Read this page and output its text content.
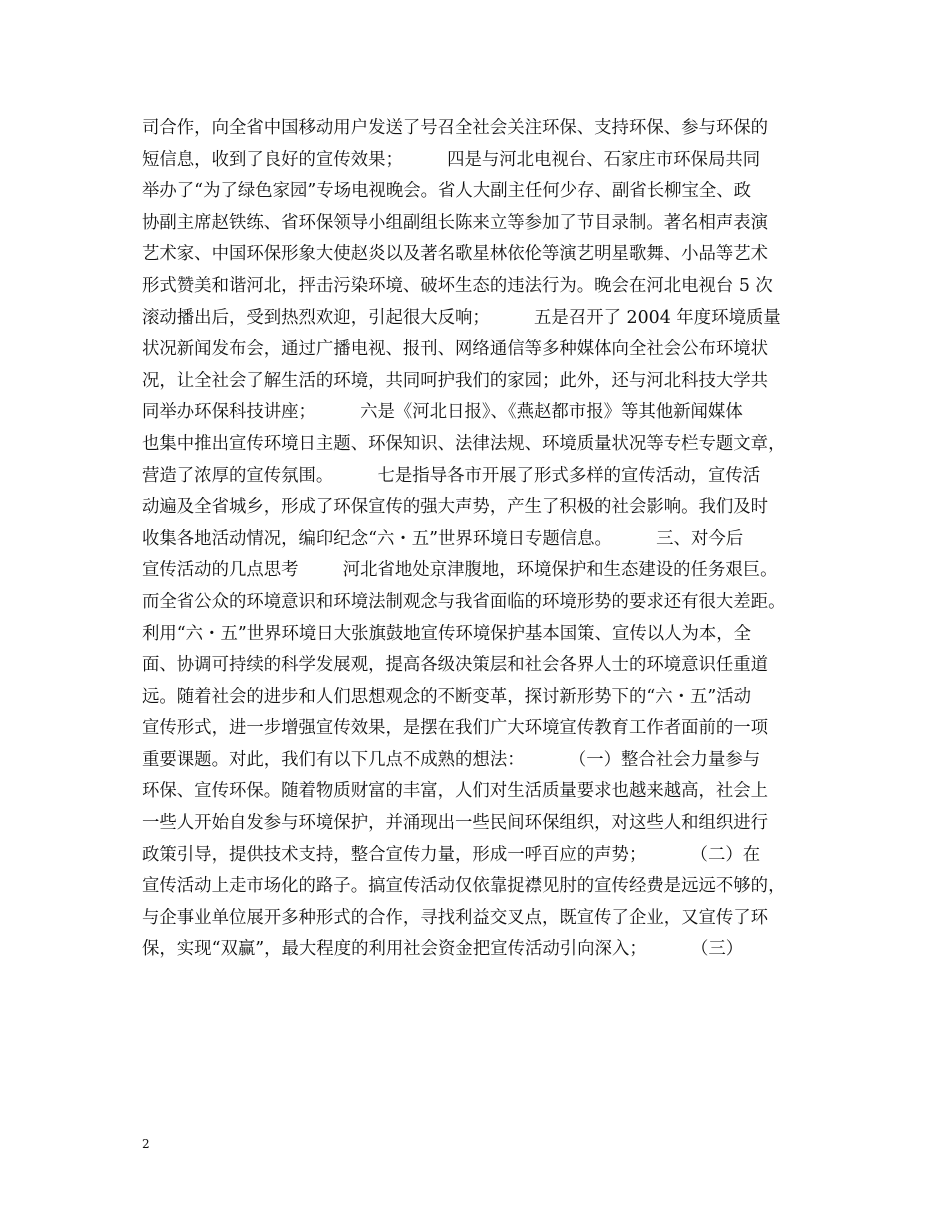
司合作，向全省中国移动用户发送了号召全社会关注环保、支持环保、参与环保的
短信息，收到了良好的宣传效果；        四是与河北电视台、石家庄市环保局共同
举办了“为了绿色家园”专场电视晚会。省人大副主任何少存、副省长柳宝全、政
协副主席赵铁练、省环保领导小组副组长陈来立等参加了节目录制。著名相声表演
艺术家、中国环保形象大使赵炎以及著名歌星林依伦等演艺明星歌舞、小品等艺术
形式赞美和谐河北，抨击污染环境、破坏生态的违法行为。晚会在河北电视台 5 次
滚动播出后，受到热烈欢迎，引起很大反响；        五是召开了 2004 年度环境质量
状况新闻发布会，通过广播电视、报刊、网络通信等多种媒体向全社会公布环境状
况，让全社会了解生活的环境，共同呵护我们的家园；此外，还与河北科技大学共
同举办环保科技讲座；        六是《河北日报》、《燕赵都市报》等其他新闻媒体
也集中推出宣传环境日主题、环保知识、法律法规、环境质量状况等专栏专题文章，
营造了浓厚的宣传氛围。        七是指导各市开展了形式多样的宣传活动，宣传活
动遍及全省城乡，形成了环保宣传的强大声势，产生了积极的社会影响。我们及时
收集各地活动情况，编印纪念“六・五”世界环境日专题信息。        三、对今后
宣传活动的几点思考        河北省地处京津腹地，环境保护和生态建设的任务艰巨。
而全省公众的环境意识和环境法制观念与我省面临的环境形势的要求还有很大差距。
利用“六・五”世界环境日大张旗鼓地宣传环境保护基本国策、宣传以人为本，全
面、协调可持续的科学发展观，提高各级决策层和社会各界人士的环境意识任重道
远。随着社会的进步和人们思想观念的不断变革，探讨新形势下的“六・五”活动
宣传形式，进一步增强宣传效果，是摆在我们广大环境宣传教育工作者面前的一项
重要课题。对此，我们有以下几点不成熟的想法：        （一）整合社会力量参与
环保、宣传环保。随着物质财富的丰富，人们对生活质量要求也越来越高，社会上
一些人开始自发参与环境保护，并涌现出一些民间环保组织，对这些人和组织进行
政策引导，提供技术支持，整合宣传力量，形成一呼百应的声势；        （二）在
宣传活动上走市场化的路子。搞宣传活动仅依靠捉襟见肘的宣传经费是远远不够的，
与企事业单位展开多种形式的合作，寻找利益交叉点，既宣传了企业，又宣传了环
保，实现“双赢”，最大程度的利用社会资金把宣传活动引向深入；        （三）
2
